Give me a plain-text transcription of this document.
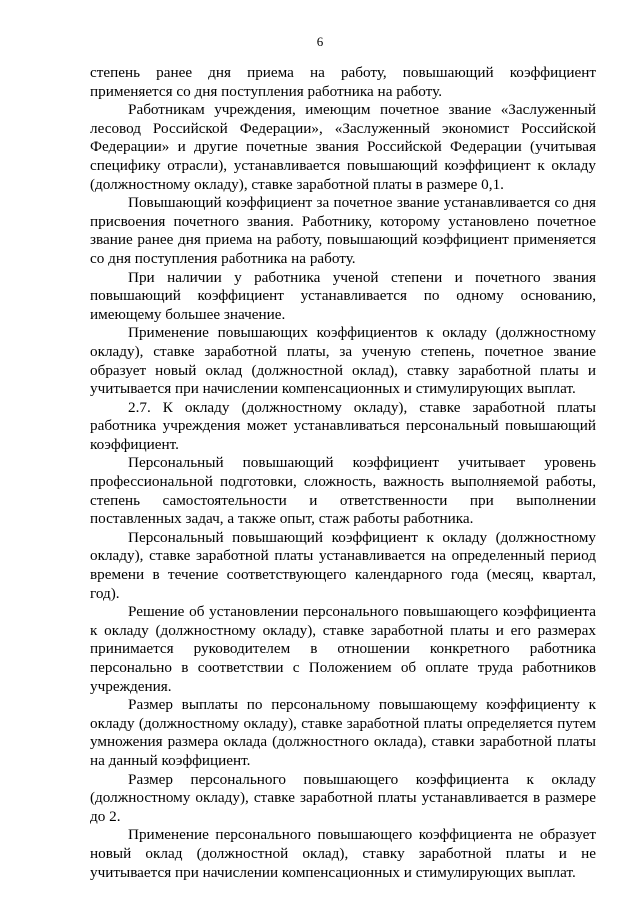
6

степень ранее дня приема на работу, повышающий коэффициент применяется со дня поступления работника на работу.

Работникам учреждения, имеющим почетное звание «Заслуженный лесовод Российской Федерации», «Заслуженный экономист Российской Федерации» и другие почетные звания Российской Федерации (учитывая специфику отрасли), устанавливается повышающий коэффициент к окладу (должностному окладу), ставке заработной платы в размере 0,1.

Повышающий коэффициент за почетное звание устанавливается со дня присвоения почетного звания. Работнику, которому установлено почетное звание ранее дня приема на работу, повышающий коэффициент применяется со дня поступления работника на работу.

При наличии у работника ученой степени и почетного звания повышающий коэффициент устанавливается по одному основанию, имеющему большее значение.

Применение повышающих коэффициентов к окладу (должностному окладу), ставке заработной платы, за ученую степень, почетное звание образует новый оклад (должностной оклад), ставку заработной платы и учитывается при начислении компенсационных и стимулирующих выплат.

2.7. К окладу (должностному окладу), ставке заработной платы работника учреждения может устанавливаться персональный повышающий коэффициент.

Персональный повышающий коэффициент учитывает уровень профессиональной подготовки, сложность, важность выполняемой работы, степень самостоятельности и ответственности при выполнении поставленных задач, а также опыт, стаж работы работника.

Персональный повышающий коэффициент к окладу (должностному окладу), ставке заработной платы устанавливается на определенный период времени в течение соответствующего календарного года (месяц, квартал, год).

Решение об установлении персонального повышающего коэффициента к окладу (должностному окладу), ставке заработной платы и его размерах принимается руководителем в отношении конкретного работника персонально в соответствии с Положением об оплате труда работников учреждения.

Размер выплаты по персональному повышающему коэффициенту к окладу (должностному окладу), ставке заработной платы определяется путем умножения размера оклада (должностного оклада), ставки заработной платы на данный коэффициент.

Размер персонального повышающего коэффициента к окладу (должностному окладу), ставке заработной платы устанавливается в размере до 2.

Применение персонального повышающего коэффициента не образует новый оклад (должностной оклад), ставку заработной платы и не учитывается при начислении компенсационных и стимулирующих выплат.
